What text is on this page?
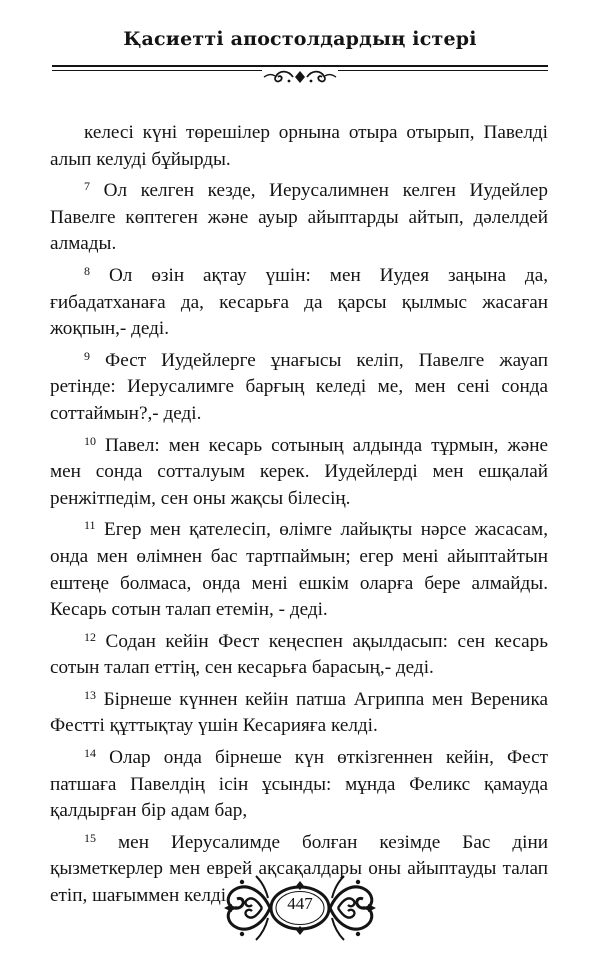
Қасиетті апостолдардың істері

келесі күні төрешілер орнына отыра отырып, Павелді алып келуді бұйырды.

$^7$ Ол келген кезде, Иерусалимнен келген Иудейлер Павелге көптеген және ауыр айыптарды айтып, дәлелдей алмады.

$^8$ Ол өзін ақтау үшін: мен Иудея заңына да, ғибадатханаға да, кесарьға да қарсы қылмыс жасаған жоқпын,- деді.

$^9$ Фест Иудейлерге ұнағысы келіп, Павелге жауап ретінде: Иерусалимге барғың келеді ме, мен сені сонда соттаймын?,- деді.

$^{10}$ Павел: мен кесарь сотының алдында тұрмын, және мен сонда сотталуым керек. Иудейлерді мен ешқалай ренжітпедім, сен оны жақсы білесің.

$^{11}$ Егер мен қателесіп, өлімге лайықты нәрсе жасасам, онда мен өлімнен бас тартпаймын; егер мені айыптайтын ештеңе болмаса, онда мені ешкім оларға бере алмайды. Кесарь сотын талап етемін, - деді.

$^{12}$ Содан кейін Фест кеңеспен ақылдасып: сен кесарь сотын талап еттің, сен кесарьға барасың,- деді.

$^{13}$ Бірнеше күннен кейін патша Агриппа мен Вереника Фестті құттықтау үшін Кесарияға келді.

$^{14}$ Олар онда бірнеше күн өткізгеннен кейін, Фест патшаға Павелдің ісін ұсынды: мұнда Феликс қамауда қалдырған бір адам бар,

$^{15}$ мен Иерусалимде болған кезімде Бас діни қызметкерлер мен еврей ақсақалдары оны айыптауды талап етіп, шағыммен келді.	447
